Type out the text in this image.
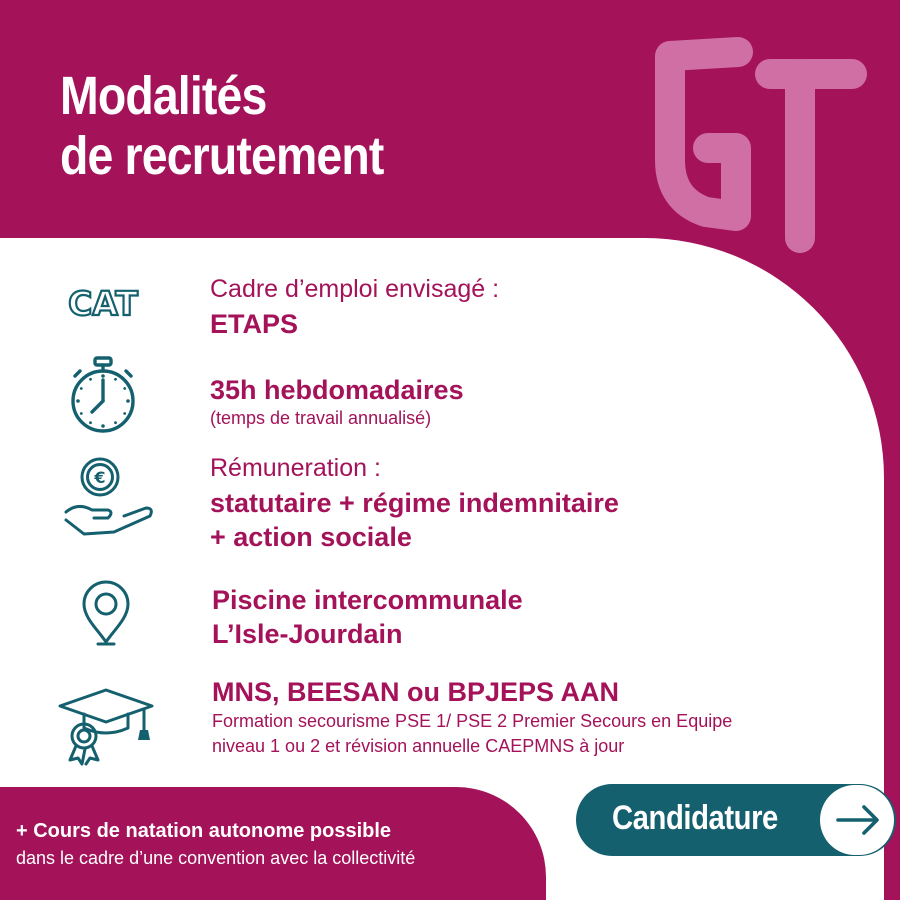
Modalités
de recrutement
CAT	Cadre d’emploi envisagé :

ETAPS

35h hebdomadaires

(temps de travail annualisé)

€	Rémuneration :

statutaire + régime indemnitaire

+ action sociale

Piscine intercommunale

L’Isle-Jourdain

MNS, BEESAN ou BPJEPS AAN

Formation secourisme PSE 1/ PSE 2 Premier Secours en Equipe

niveau 1 ou 2 et révision annuelle CAEPMNS à jour

+ Cours de natation autonome possible

dans le cadre d’une convention avec la collectivité

Candidature
